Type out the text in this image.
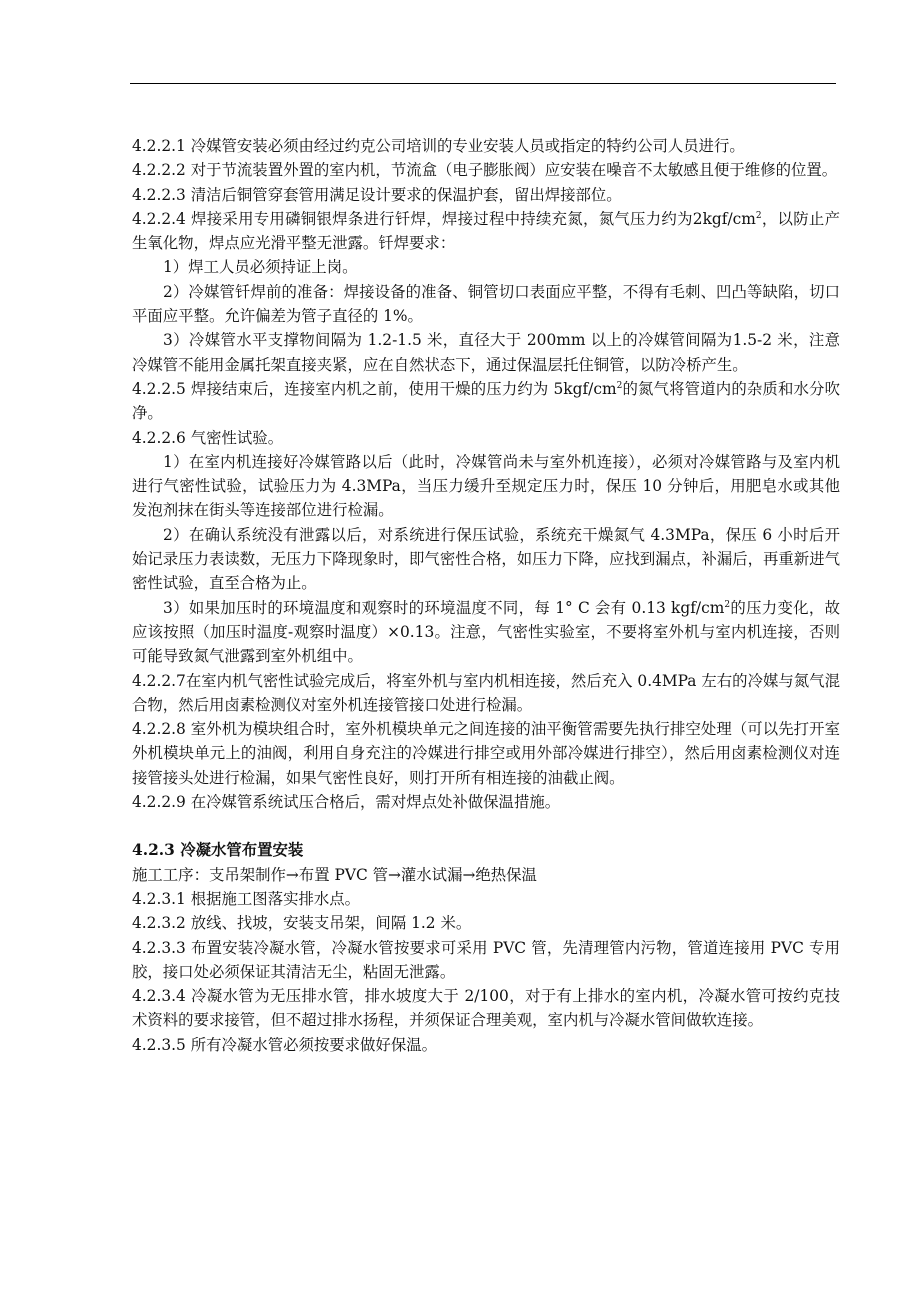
4.2.2.1 冷媒管安装必须由经过约克公司培训的专业安装人员或指定的特约公司人员进行。

4.2.2.2 对于节流装置外置的室内机，节流盒（电子膨胀阀）应安装在噪音不太敏感且便于维修的位置。

4.2.2.3 清洁后铜管穿套管用满足设计要求的保温护套，留出焊接部位。

4.2.2.4 焊接采用专用磷铜银焊条进行钎焊，焊接过程中持续充氮，氮气压力约为$2kgf/cm^2$，以防止产生氧化物，焊点应光滑平整无泄露。钎焊要求：

1）焊工人员必须持证上岗。

2）冷媒管钎焊前的准备：焊接设备的准备、铜管切口表面应平整，不得有毛刺、凹凸等缺陷，切口平面应平整。允许偏差为管子直径的 1%。

3）冷媒管水平支撑物间隔为 1.2-1.5 米，直径大于 200mm 以上的冷媒管间隔为1.5-2 米，注意冷媒管不能用金属托架直接夹紧，应在自然状态下，通过保温层托住铜管，以防冷桥产生。

4.2.2.5 焊接结束后，连接室内机之前，使用干燥的压力约为 $5kgf/cm^2$的氮气将管道内的杂质和水分吹净。

4.2.2.6 气密性试验。

1）在室内机连接好冷媒管路以后（此时，冷媒管尚未与室外机连接），必须对冷媒管路与及室内机进行气密性试验，试验压力为 4.3MPa，当压力缓升至规定压力时，保压 10 分钟后，用肥皂水或其他发泡剂抹在街头等连接部位进行检漏。

2）在确认系统没有泄露以后，对系统进行保压试验，系统充干燥氮气 4.3MPa，保压 6 小时后开始记录压力表读数，无压力下降现象时，即气密性合格，如压力下降，应找到漏点，补漏后，再重新进气密性试验，直至合格为止。

3）如果加压时的环境温度和观察时的环境温度不同，每 1° C 会有 0.13 kgf/$cm^2$的压力变化，故应该按照（加压时温度-观察时温度）×0.13。注意，气密性实验室，不要将室外机与室内机连接，否则可能导致氮气泄露到室外机组中。

4.2.2.7在室内机气密性试验完成后，将室外机与室内机相连接，然后充入 0.4MPa 左右的冷媒与氮气混合物，然后用卤素检测仪对室外机连接管接口处进行检漏。

4.2.2.8 室外机为模块组合时，室外机模块单元之间连接的油平衡管需要先执行排空处理（可以先打开室外机模块单元上的油阀，利用自身充注的冷媒进行排空或用外部冷媒进行排空），然后用卤素检测仪对连接管接头处进行检漏，如果气密性良好，则打开所有相连接的油截止阀。

4.2.2.9 在冷媒管系统试压合格后，需对焊点处补做保温措施。

4.2.3 冷凝水管布置安装

施工工序：支吊架制作→布置 PVC 管→灌水试漏→绝热保温

4.2.3.1 根据施工图落实排水点。

4.2.3.2 放线、找坡，安装支吊架，间隔 1.2 米。

4.2.3.3 布置安装冷凝水管，冷凝水管按要求可采用 PVC 管，先清理管内污物，管道连接用 PVC 专用胶，接口处必须保证其清洁无尘，粘固无泄露。

4.2.3.4 冷凝水管为无压排水管，排水坡度大于 2/100，对于有上排水的室内机，冷凝水管可按约克技术资料的要求接管，但不超过排水扬程，并须保证合理美观，室内机与冷凝水管间做软连接。

4.2.3.5 所有冷凝水管必须按要求做好保温。
